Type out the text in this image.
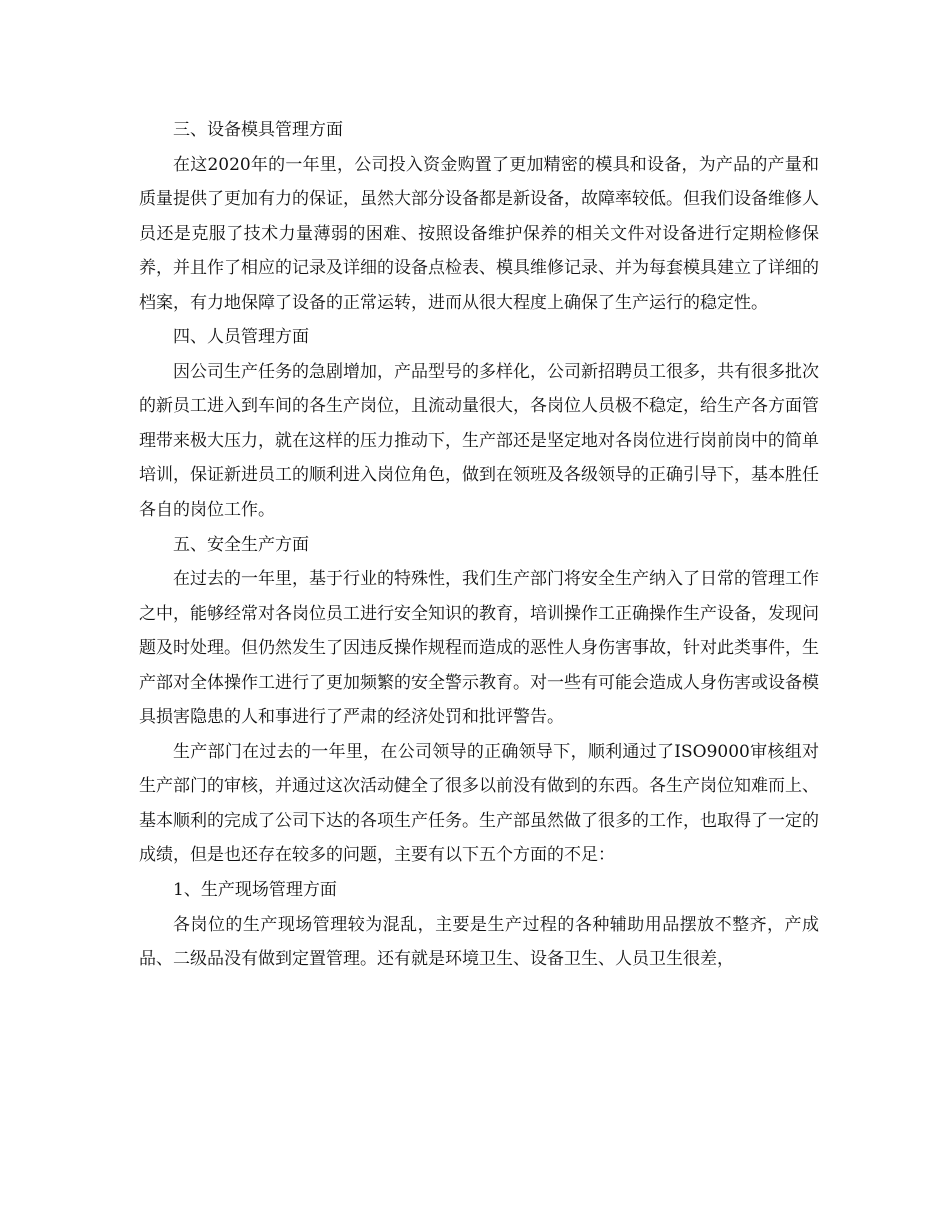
三、设备模具管理方面

在这2020年的一年里，公司投入资金购置了更加精密的模具和设备，为产品的产量和质量提供了更加有力的保证，虽然大部分设备都是新设备，故障率较低。但我们设备维修人员还是克服了技术力量薄弱的困难、按照设备维护保养的相关文件对设备进行定期检修保养，并且作了相应的记录及详细的设备点检表、模具维修记录、并为每套模具建立了详细的档案，有力地保障了设备的正常运转，进而从很大程度上确保了生产运行的稳定性。

四、人员管理方面

因公司生产任务的急剧增加，产品型号的多样化，公司新招聘员工很多，共有很多批次的新员工进入到车间的各生产岗位，且流动量很大，各岗位人员极不稳定，给生产各方面管理带来极大压力，就在这样的压力推动下，生产部还是坚定地对各岗位进行岗前岗中的简单培训，保证新进员工的顺利进入岗位角色，做到在领班及各级领导的正确引导下，基本胜任各自的岗位工作。

五、安全生产方面

在过去的一年里，基于行业的特殊性，我们生产部门将安全生产纳入了日常的管理工作之中，能够经常对各岗位员工进行安全知识的教育，培训操作工正确操作生产设备，发现问题及时处理。但仍然发生了因违反操作规程而造成的恶性人身伤害事故，针对此类事件，生产部对全体操作工进行了更加频繁的安全警示教育。对一些有可能会造成人身伤害或设备模具损害隐患的人和事进行了严肃的经济处罚和批评警告。

生产部门在过去的一年里，在公司领导的正确领导下，顺利通过了ISO9000审核组对生产部门的审核，并通过这次活动健全了很多以前没有做到的东西。各生产岗位知难而上、基本顺利的完成了公司下达的各项生产任务。生产部虽然做了很多的工作，也取得了一定的成绩，但是也还存在较多的问题，主要有以下五个方面的不足：

1、生产现场管理方面

各岗位的生产现场管理较为混乱，主要是生产过程的各种辅助用品摆放不整齐，产成品、二级品没有做到定置管理。还有就是环境卫生、设备卫生、人员卫生很差，
